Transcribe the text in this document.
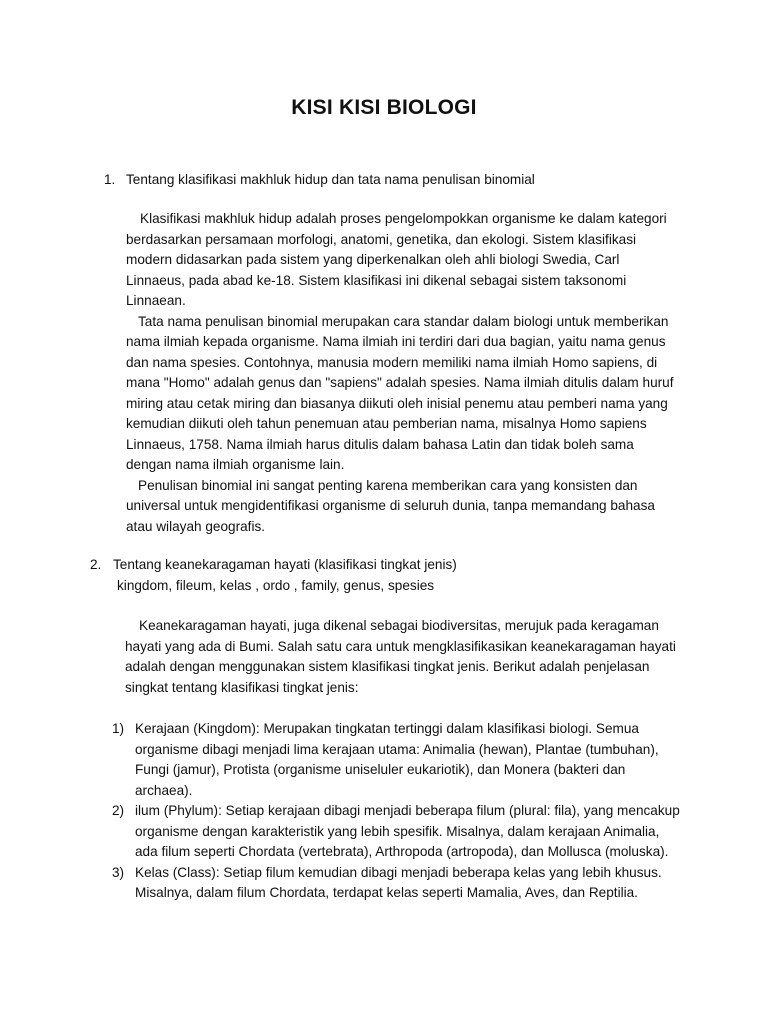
KISI KISI BIOLOGI
1. Tentang klasifikasi makhluk hidup dan tata nama penulisan binomial

Klasifikasi makhluk hidup adalah proses pengelompokkan organisme ke dalam kategori berdasarkan persamaan morfologi, anatomi, genetika, dan ekologi. Sistem klasifikasi modern didasarkan pada sistem yang diperkenalkan oleh ahli biologi Swedia, Carl Linnaeus, pada abad ke-18. Sistem klasifikasi ini dikenal sebagai sistem taksonomi Linnaean.

Tata nama penulisan binomial merupakan cara standar dalam biologi untuk memberikan nama ilmiah kepada organisme. Nama ilmiah ini terdiri dari dua bagian, yaitu nama genus dan nama spesies. Contohnya, manusia modern memiliki nama ilmiah Homo sapiens, di mana "Homo" adalah genus dan "sapiens" adalah spesies. Nama ilmiah ditulis dalam huruf miring atau cetak miring dan biasanya diikuti oleh inisial penemu atau pemberi nama yang kemudian diikuti oleh tahun penemuan atau pemberian nama, misalnya Homo sapiens Linnaeus, 1758. Nama ilmiah harus ditulis dalam bahasa Latin dan tidak boleh sama dengan nama ilmiah organisme lain.

Penulisan binomial ini sangat penting karena memberikan cara yang konsisten dan universal untuk mengidentifikasi organisme di seluruh dunia, tanpa memandang bahasa atau wilayah geografis.

2. Tentang keanekaragaman hayati (klasifikasi tingkat jenis)
kingdom, fileum, kelas , ordo , family, genus, spesies

Keanekaragaman hayati, juga dikenal sebagai biodiversitas, merujuk pada keragaman hayati yang ada di Bumi. Salah satu cara untuk mengklasifikasikan keanekaragaman hayati adalah dengan menggunakan sistem klasifikasi tingkat jenis. Berikut adalah penjelasan singkat tentang klasifikasi tingkat jenis:

1) Kerajaan (Kingdom): Merupakan tingkatan tertinggi dalam klasifikasi biologi. Semua organisme dibagi menjadi lima kerajaan utama: Animalia (hewan), Plantae (tumbuhan), Fungi (jamur), Protista (organisme uniseluler eukariotik), dan Monera (bakteri dan archaea).
2) ilum (Phylum): Setiap kerajaan dibagi menjadi beberapa filum (plural: fila), yang mencakup organisme dengan karakteristik yang lebih spesifik. Misalnya, dalam kerajaan Animalia, ada filum seperti Chordata (vertebrata), Arthropoda (artropoda), dan Mollusca (moluska).
3) Kelas (Class): Setiap filum kemudian dibagi menjadi beberapa kelas yang lebih khusus. Misalnya, dalam filum Chordata, terdapat kelas seperti Mamalia, Aves, dan Reptilia.
